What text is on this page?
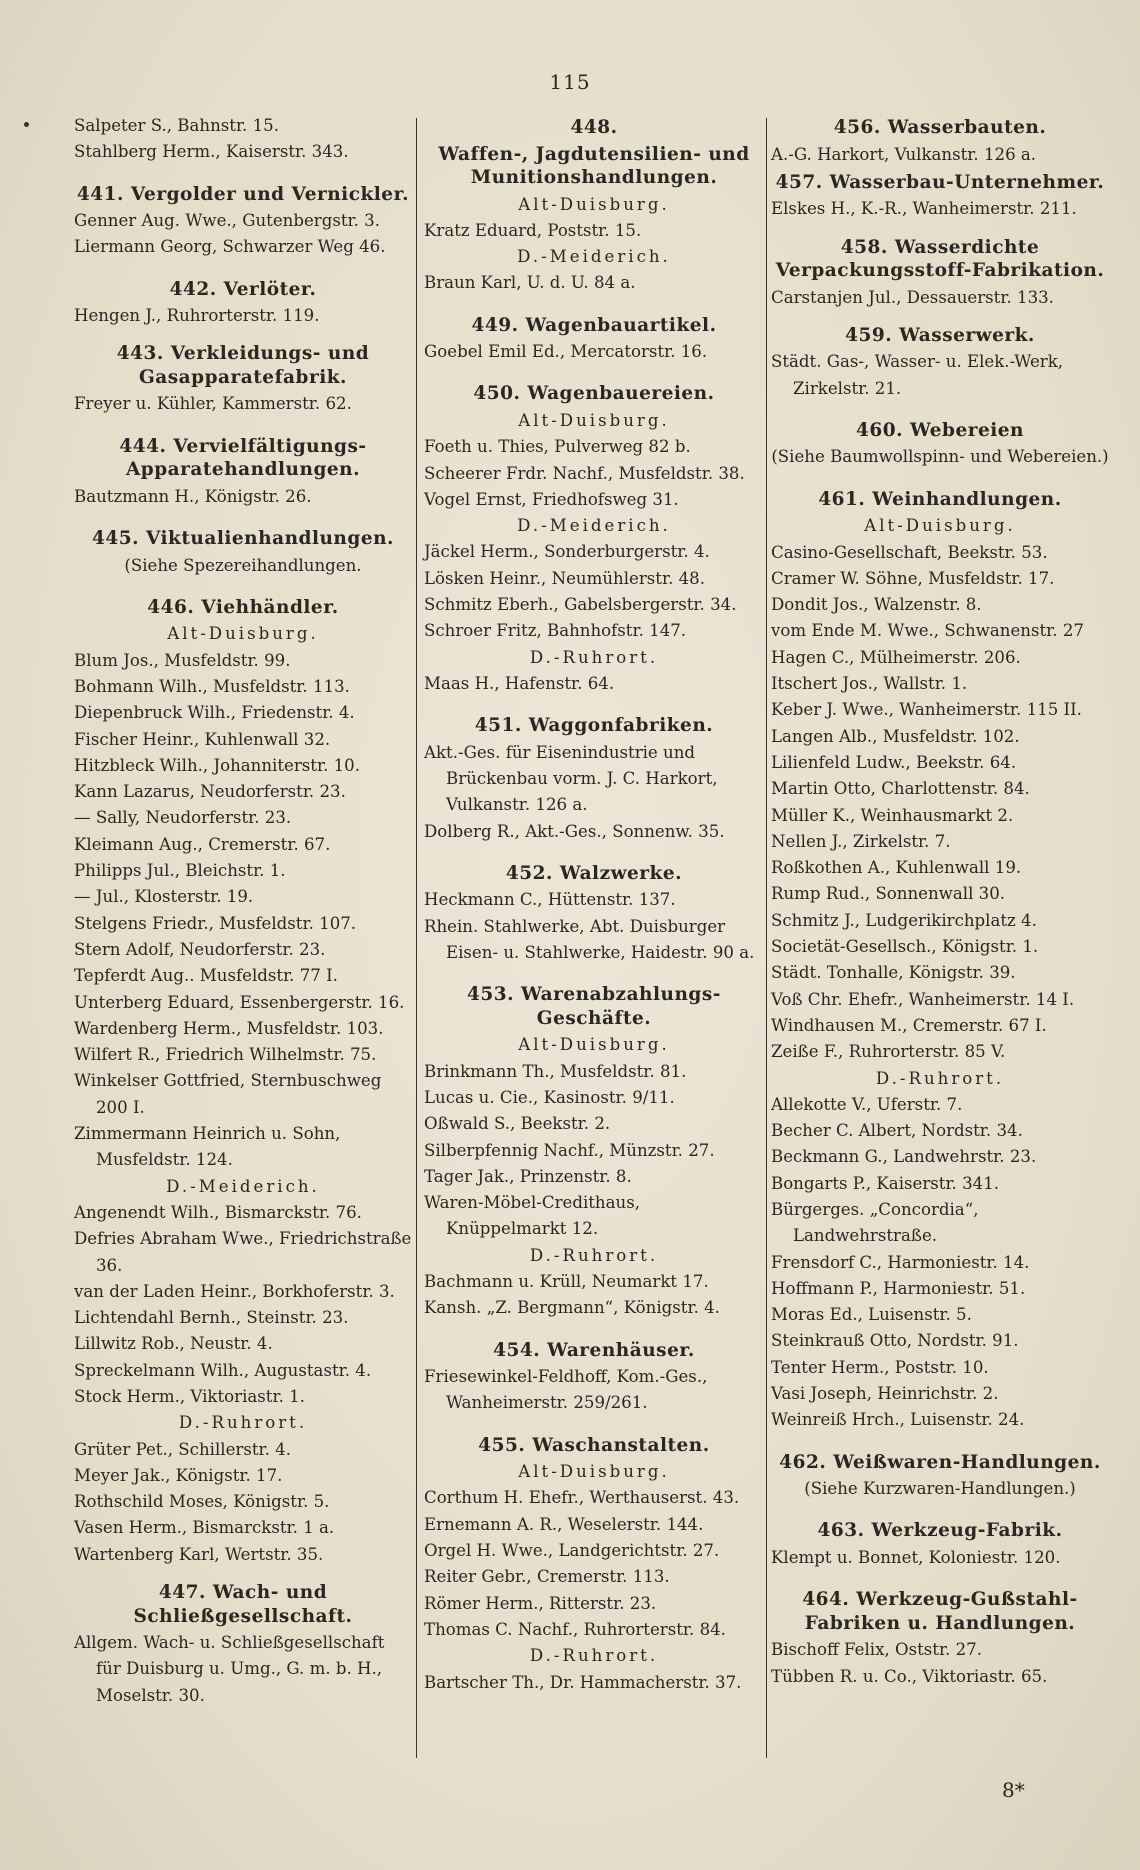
115
Salpeter S., Bahnstr. 15.
Stahlberg Herm., Kaiserstr. 343.
441. Vergolder und Vernickler.
Genner Aug. Wwe., Gutenbergstr. 3.
Liermann Georg, Schwarzer Weg 46.
442. Verlöter.
Hengen J., Ruhrorterstr. 119.
443. Verkleidungs- und Gasapparatefabrik.
Freyer u. Kühler, Kammerstr. 62.
444. Vervielfältigungs-Apparatehandlungen.
Bautzmann H., Königstr. 26.
445. Viktualienhandlungen.
(Siehe Spezereihandlungen.
446. Viehhändler.
Alt-Duisburg.
Blum Jos., Musfeldstr. 99.
Bohmann Wilh., Musfeldstr. 113.
Diepenbruck Wilh., Friedenstr. 4.
Fischer Heinr., Kuhlenwall 32.
Hitzbleck Wilh., Johanniterstr. 10.
Kann Lazarus, Neudorferstr. 23.
— Sally, Neudorferstr. 23.
Kleimann Aug., Cremerstr. 67.
Philipps Jul., Bleichstr. 1.
— Jul., Klosterstr. 19.
Stelgens Friedr., Musfeldstr. 107.
Stern Adolf, Neudorferstr. 23.
Tepferdt Aug.. Musfeldstr. 77 I.
Unterberg Eduard, Essenbergerstr. 16.
Wardenberg Herm., Musfeldstr. 103.
Wilfert R., Friedrich Wilhelmstr. 75.
Winkelser Gottfried, Sternbuschweg 200 I.
Zimmermann Heinrich u. Sohn, Musfeldstr. 124.
D.-Meiderich.
Angenendt Wilh., Bismarckstr. 76.
Defries Abraham Wwe., Friedrichstraße 36.
van der Laden Heinr., Borkhoferstr. 3.
Lichtendahl Bernh., Steinstr. 23.
Lillwitz Rob., Neustr. 4.
Spreckelmann Wilh., Augustastr. 4.
Stock Herm., Viktoriastr. 1.
D.-Ruhrort.
Grüter Pet., Schillerstr. 4.
Meyer Jak., Königstr. 17.
Rothschild Moses, Königstr. 5.
Vasen Herm., Bismarckstr. 1 a.
Wartenberg Karl, Wertstr. 35.
447. Wach- und Schließgesellschaft.
Allgem. Wach- u. Schließgesellschaft für Duisburg u. Umg., G. m. b. H., Moselstr. 30.
448.
Waffen-, Jagdutensilien- und Munitionshandlungen.
Alt-Duisburg.
Kratz Eduard, Poststr. 15.
D.-Meiderich.
Braun Karl, U. d. U. 84 a.
449. Wagenbauartikel.
Goebel Emil Ed., Mercatorstr. 16.
450. Wagenbauereien.
Alt-Duisburg.
Foeth u. Thies, Pulverweg 82 b.
Scheerer Frdr. Nachf., Musfeldstr. 38.
Vogel Ernst, Friedhofsweg 31.
D.-Meiderich.
Jäckel Herm., Sonderburgerstr. 4.
Lösken Heinr., Neumühlerstr. 48.
Schmitz Eberh., Gabelsbergerstr. 34.
Schroer Fritz, Bahnhofstr. 147.
D.-Ruhrort.
Maas H., Hafenstr. 64.
451. Waggonfabriken.
Akt.-Ges. für Eisenindustrie und Brückenbau vorm. J. C. Harkort, Vulkanstr. 126 a.
Dolberg R., Akt.-Ges., Sonnenw. 35.
452. Walzwerke.
Heckmann C., Hüttenstr. 137.
Rhein. Stahlwerke, Abt. Duisburger Eisen- u. Stahlwerke, Haidestr. 90 a.
453. Warenabzahlungs-Geschäfte.
Alt-Duisburg.
Brinkmann Th., Musfeldstr. 81.
Lucas u. Cie., Kasinostr. 9/11.
Oßwald S., Beekstr. 2.
Silberpfennig Nachf., Münzstr. 27.
Tager Jak., Prinzenstr. 8.
Waren-Möbel-Credithaus, Knüppelmarkt 12.
D.-Ruhrort.
Bachmann u. Krüll, Neumarkt 17.
Kansh. „Z. Bergmann“, Königstr. 4.
454. Warenhäuser.
Friesewinkel-Feldhoff, Kom.-Ges., Wanheimerstr. 259/261.
455. Waschanstalten.
Alt-Duisburg.
Corthum H. Ehefr., Werthauserst. 43.
Ernemann A. R., Weselerstr. 144.
Orgel H. Wwe., Landgerichtstr. 27.
Reiter Gebr., Cremerstr. 113.
Römer Herm., Ritterstr. 23.
Thomas C. Nachf., Ruhrorterstr. 84.
D.-Ruhrort.
Bartscher Th., Dr. Hammacherstr. 37.
456. Wasserbauten.
A.-G. Harkort, Vulkanstr. 126 a.
457. Wasserbau-Unternehmer.
Elskes H., K.-R., Wanheimerstr. 211.
458. Wasserdichte Verpackungsstoff-Fabrikation.
Carstanjen Jul., Dessauerstr. 133.
459. Wasserwerk.
Städt. Gas-, Wasser- u. Elek.-Werk, Zirkelstr. 21.
460. Webereien
(Siehe Baumwollspinn- und Webereien.)
461. Weinhandlungen.
Alt-Duisburg.
Casino-Gesellschaft, Beekstr. 53.
Cramer W. Söhne, Musfeldstr. 17.
Dondit Jos., Walzenstr. 8.
vom Ende M. Wwe., Schwanenstr. 27
Hagen C., Mülheimerstr. 206.
Itschert Jos., Wallstr. 1.
Keber J. Wwe., Wanheimerstr. 115 II.
Langen Alb., Musfeldstr. 102.
Lilienfeld Ludw., Beekstr. 64.
Martin Otto, Charlottenstr. 84.
Müller K., Weinhausmarkt 2.
Nellen J., Zirkelstr. 7.
Roßkothen A., Kuhlenwall 19.
Rump Rud., Sonnenwall 30.
Schmitz J., Ludgerikirchplatz 4.
Societät-Gesellsch., Königstr. 1.
Städt. Tonhalle, Königstr. 39.
Voß Chr. Ehefr., Wanheimerstr. 14 I.
Windhausen M., Cremerstr. 67 I.
Zeiße F., Ruhrorterstr. 85 V.
D.-Ruhrort.
Allekotte V., Uferstr. 7.
Becher C. Albert, Nordstr. 34.
Beckmann G., Landwehrstr. 23.
Bongarts P., Kaiserstr. 341.
Bürgerges. „Concordia“, Landwehrstraße.
Frensdorf C., Harmoniestr. 14.
Hoffmann P., Harmoniestr. 51.
Moras Ed., Luisenstr. 5.
Steinkrauß Otto, Nordstr. 91.
Tenter Herm., Poststr. 10.
Vasi Joseph, Heinrichstr. 2.
Weinreiß Hrch., Luisenstr. 24.
462. Weißwaren-Handlungen.
(Siehe Kurzwaren-Handlungen.)
463. Werkzeug-Fabrik.
Klempt u. Bonnet, Koloniestr. 120.
464. Werkzeug-Gußstahl-Fabriken u. Handlungen.
Bischoff Felix, Oststr. 27.
Tübben R. u. Co., Viktoriastr. 65.
8*
